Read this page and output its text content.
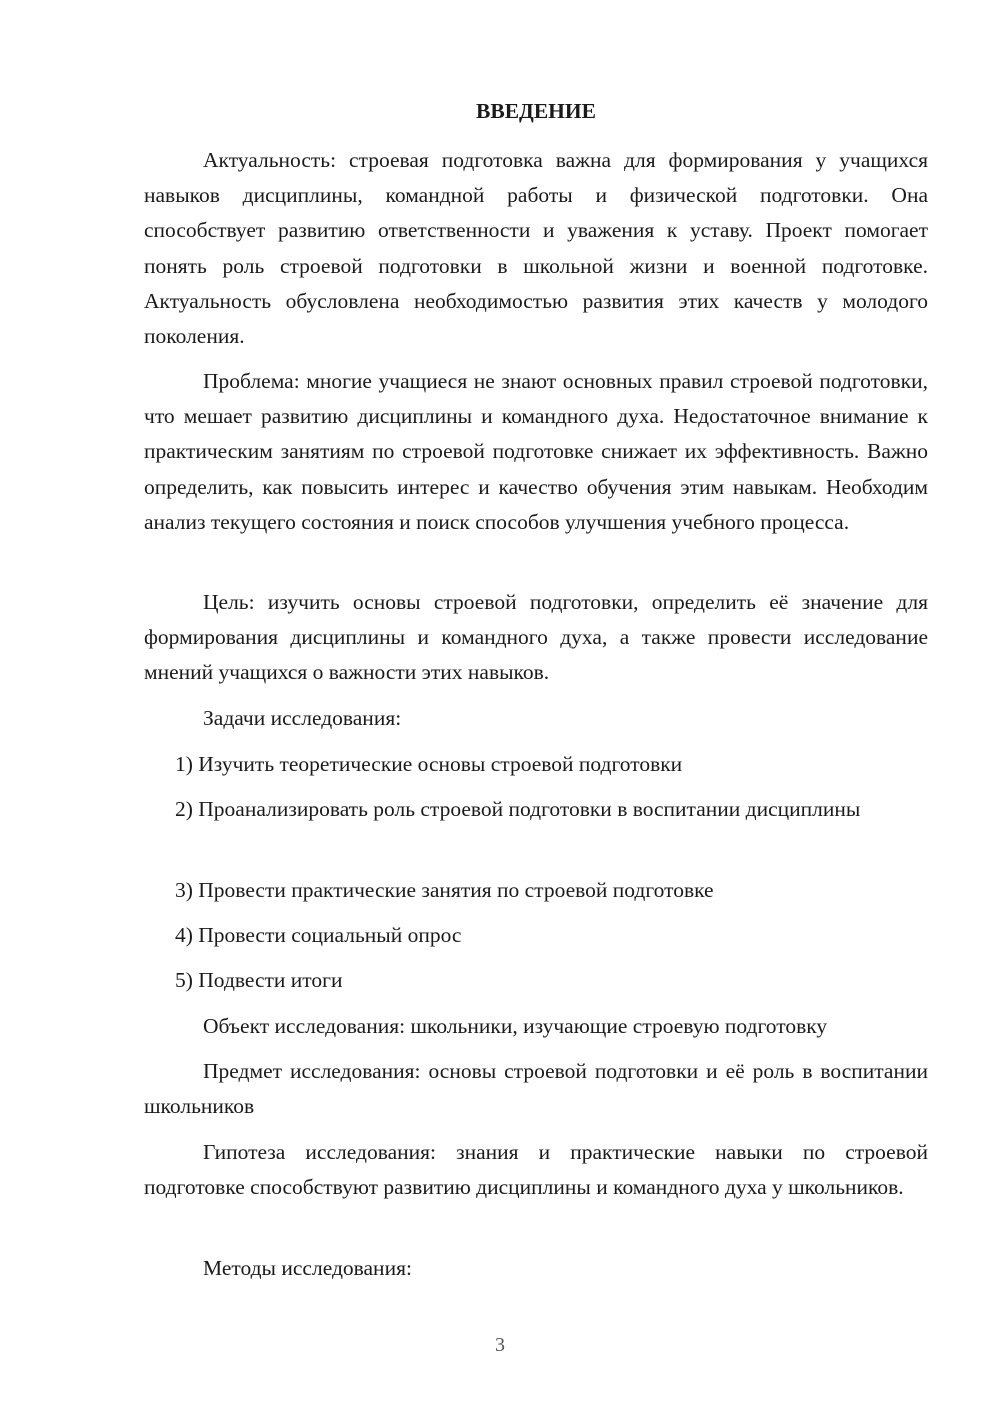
ВВЕДЕНИЕ

Актуальность: строевая подготовка важна для формирования у учащихся навыков дисциплины, командной работы и физической подготовки. Она способствует развитию ответственности и уважения к уставу. Проект помогает понять роль строевой подготовки в школьной жизни и военной подготовке. Актуальность обусловлена необходимостью развития этих качеств у молодого поколения.

Проблема: многие учащиеся не знают основных правил строевой подготовки, что мешает развитию дисциплины и командного духа. Недостаточное внимание к практическим занятиям по строевой подготовке снижает их эффективность. Важно определить, как повысить интерес и качество обучения этим навыкам. Необходим анализ текущего состояния и поиск способов улучшения учебного процесса.

Цель: изучить основы строевой подготовки, определить её значение для формирования дисциплины и командного духа, а также провести исследование мнений учащихся о важности этих навыков.

Задачи исследования:

1) Изучить теоретические основы строевой подготовки

2) Проанализировать роль строевой подготовки в воспитании дисциплины

3) Провести практические занятия по строевой подготовке

4) Провести социальный опрос

5) Подвести итоги

Объект исследования: школьники, изучающие строевую подготовку

Предмет исследования: основы строевой подготовки и её роль в воспитании школьников

Гипотеза исследования: знания и практические навыки по строевой подготовке способствуют развитию дисциплины и командного духа у школьников.

Методы исследования:

3
